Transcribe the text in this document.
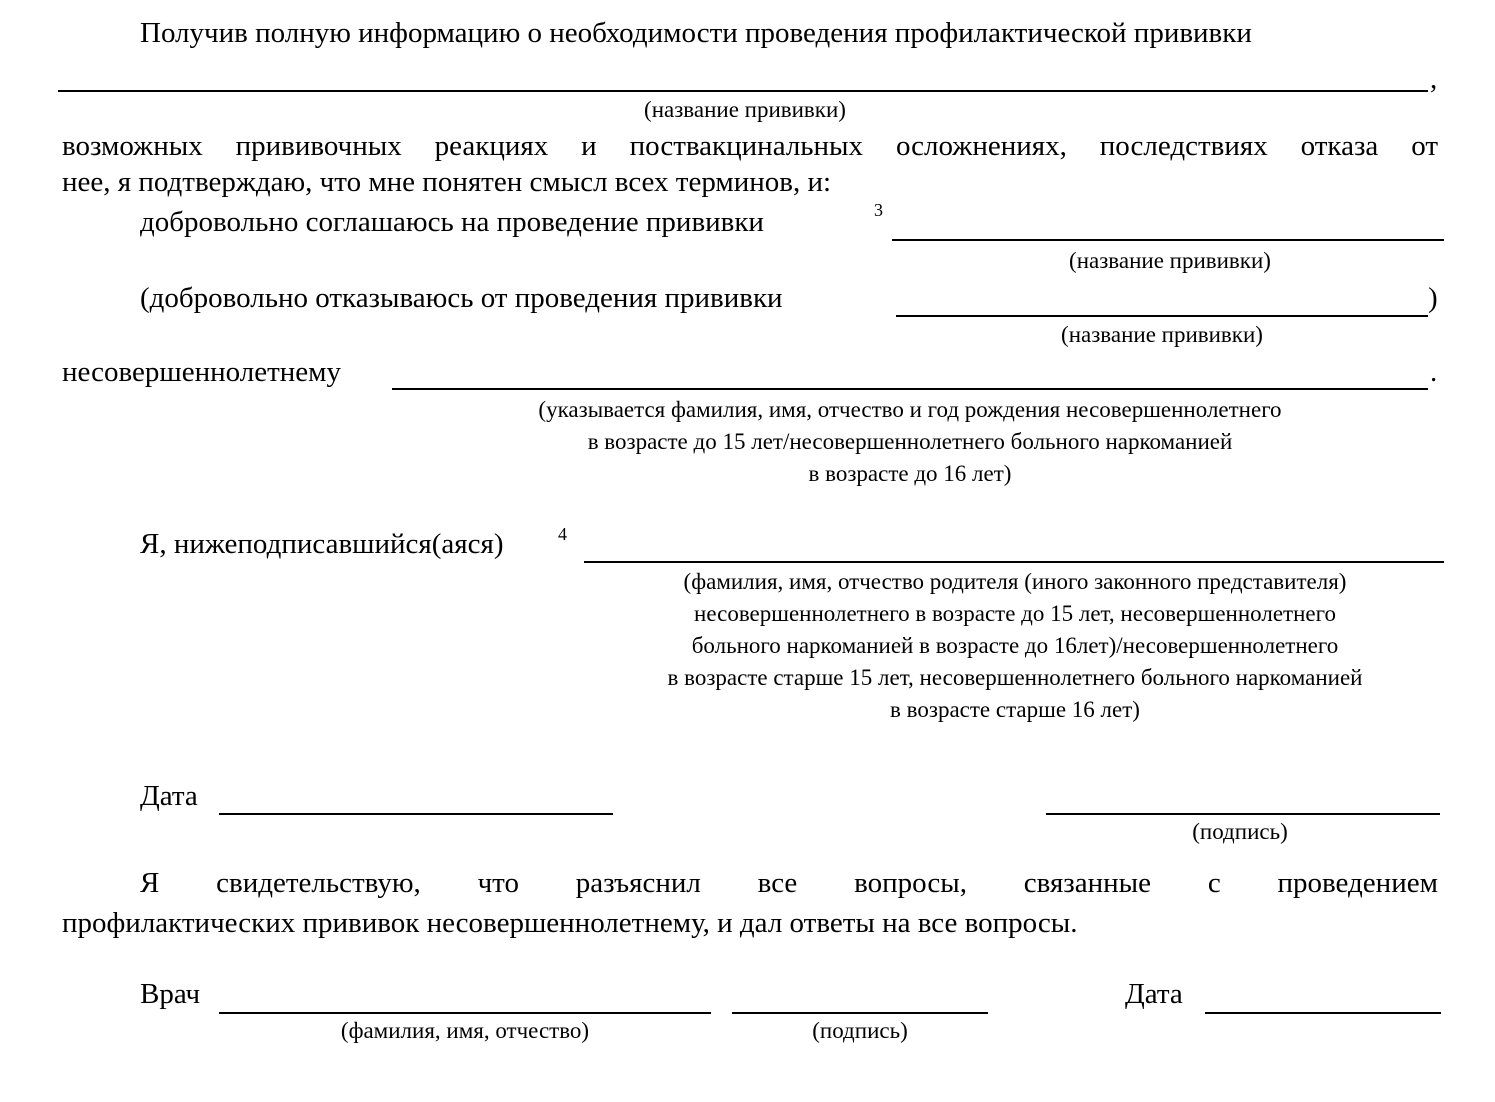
Получив полную информацию о необходимости проведения профилактической прививки
,
(название прививки)
возможных прививочных реакциях и поствакцинальных осложнениях, последствиях отказа от
нее, я подтверждаю, что мне понятен смысл всех терминов, и:
добровольно соглашаюсь на проведение прививки	3
(название прививки)
(добровольно отказываюсь от проведения прививки	)
(название прививки)
несовершеннолетнему	.
(указывается фамилия, имя, отчество и год рождения несовершеннолетнего
в возрасте до 15 лет/несовершеннолетнего больного наркоманией
в возрасте до 16 лет)
Я, нижеподписавшийся(аяся)	4
(фамилия, имя, отчество родителя (иного законного представителя)
несовершеннолетнего в возрасте до 15 лет, несовершеннолетнего
больного наркоманией в возрасте до 16лет)/несовершеннолетнего
в возрасте старше 15 лет, несовершеннолетнего больного наркоманией
в возрасте старше 16 лет)
Дата
(подпись)
Я свидетельствую, что разъяснил все вопросы, связанные с проведением
профилактических прививок несовершеннолетнему, и дал ответы на все вопросы.
Врач	Дата
(фамилия, имя, отчество)	(подпись)
